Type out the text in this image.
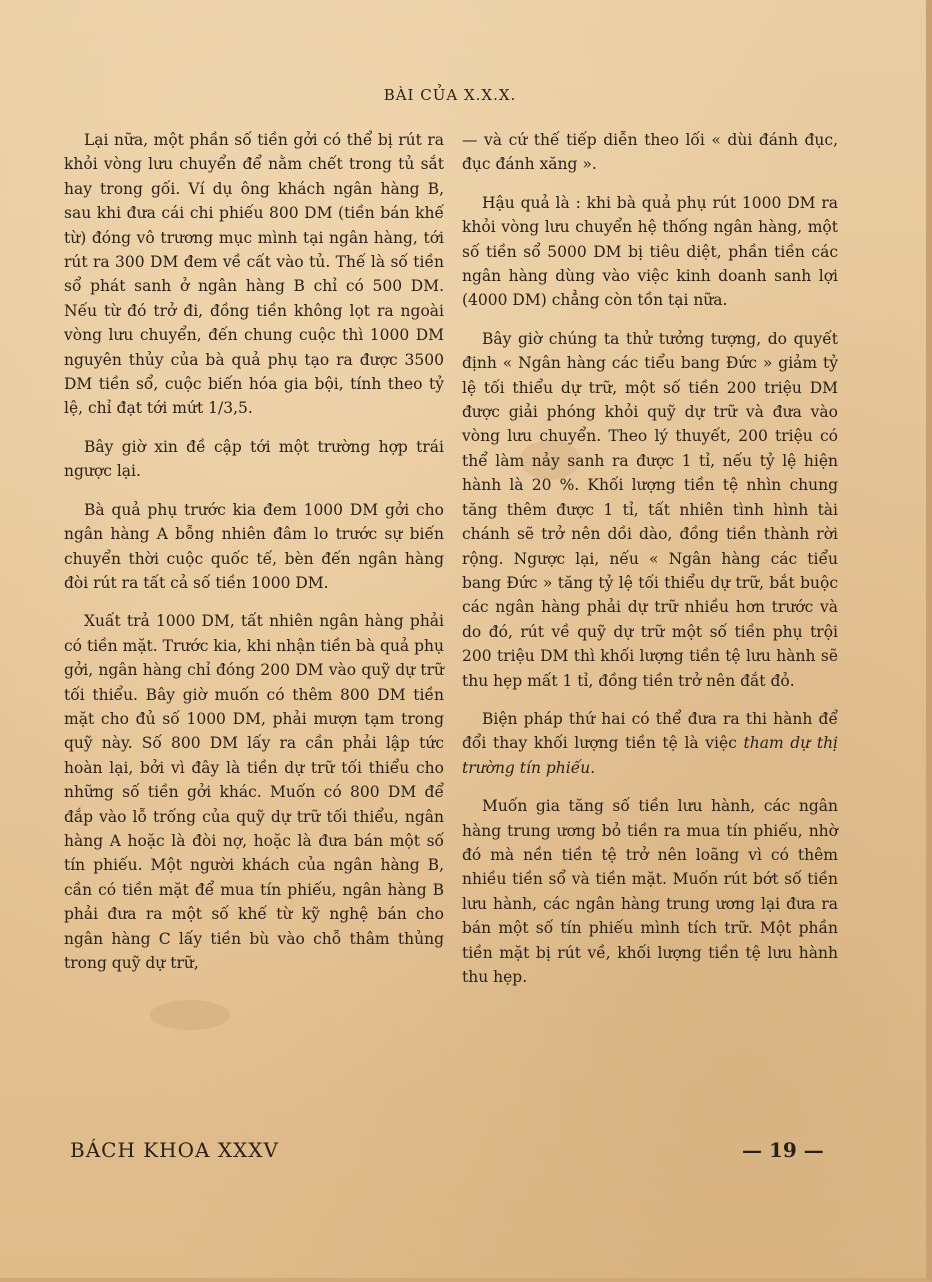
BÀI CỦA X.X.X.

Lại nữa, một phần số tiền gởi có thể bị rút ra khỏi vòng lưu chuyển để nằm chết trong tủ sắt hay trong gối. Ví dụ ông khách ngân hàng B, sau khi đưa cái chi phiếu 800 DM (tiền bán khế từ) đóng vô trương mục mình tại ngân hàng, tới rút ra 300 DM đem về cất vào tủ. Thế là số tiền sổ phát sanh ở ngân hàng B chỉ có 500 DM. Nếu từ đó trở đi, đồng tiền không lọt ra ngoài vòng lưu chuyển, đến chung cuộc thì 1000 DM nguyên thủy của bà quả phụ tạo ra được 3500 DM tiền sổ, cuộc biến hóa gia bội, tính theo tỷ lệ, chỉ đạt tới mứt 1/3,5.

Bây giờ xin đề cập tới một trường hợp trái ngược lại.

Bà quả phụ trước kia đem 1000 DM gởi cho ngân hàng A bỗng nhiên đâm lo trước sự biến chuyển thời cuộc quốc tế, bèn đến ngân hàng đòi rút ra tất cả số tiền 1000 DM.

Xuất trả 1000 DM, tất nhiên ngân hàng phải có tiền mặt. Trước kia, khi nhận tiền bà quả phụ gởi, ngân hàng chỉ đóng 200 DM vào quỹ dự trữ tối thiểu. Bây giờ muốn có thêm 800 DM tiền mặt cho đủ số 1000 DM, phải mượn tạm trong quỹ này. Số 800 DM lấy ra cần phải lập tức hoàn lại, bởi vì đây là tiền dự trữ tối thiểu cho những số tiền gởi khác. Muốn có 800 DM để đắp vào lỗ trống của quỹ dự trữ tối thiểu, ngân hàng A hoặc là đòi nợ, hoặc là đưa bán một số tín phiếu. Một người khách của ngân hàng B, cần có tiền mặt để mua tín phiếu, ngân hàng B phải đưa ra một số khế từ kỹ nghệ bán cho ngân hàng C lấy tiền bù vào chỗ thâm thủng trong quỹ dự trữ,

— và cứ thế tiếp diễn theo lối « dùi đánh đục, đục đánh xăng ».

Hậu quả là : khi bà quả phụ rút 1000 DM ra khỏi vòng lưu chuyển hệ thống ngân hàng, một số tiền sổ 5000 DM bị tiêu diệt, phần tiền các ngân hàng dùng vào việc kinh doanh sanh lợi (4000 DM) chẳng còn tồn tại nữa.

Bây giờ chúng ta thử tưởng tượng, do quyết định « Ngân hàng các tiểu bang Đức » giảm tỷ lệ tối thiểu dự trữ, một số tiền 200 triệu DM được giải phóng khỏi quỹ dự trữ và đưa vào vòng lưu chuyển. Theo lý thuyết, 200 triệu có thể làm nảy sanh ra được 1 tỉ, nếu tỷ lệ hiện hành là 20 %. Khối lượng tiền tệ nhìn chung tăng thêm được 1 tỉ, tất nhiên tình hình tài chánh sẽ trở nên dồi dào, đồng tiền thành rời rộng. Ngược lại, nếu « Ngân hàng các tiểu bang Đức » tăng tỷ lệ tối thiểu dự trữ, bắt buộc các ngân hàng phải dự trữ nhiều hơn trước và do đó, rút về quỹ dự trữ một số tiền phụ trội 200 triệu DM thì khối lượng tiền tệ lưu hành sẽ thu hẹp mất 1 tỉ, đồng tiền trở nên đắt đỏ.

Biện pháp thứ hai có thể đưa ra thi hành để đổi thay khối lượng tiền tệ là việc tham dự thị trường tín phiếu.

Muốn gia tăng số tiền lưu hành, các ngân hàng trung ương bỏ tiền ra mua tín phiếu, nhờ đó mà nền tiền tệ trở nên loãng vì có thêm nhiều tiền sổ và tiền mặt. Muốn rút bớt số tiền lưu hành, các ngân hàng trung ương lại đưa ra bán một số tín phiếu mình tích trữ. Một phần tiền mặt bị rút về, khối lượng tiền tệ lưu hành thu hẹp.

BÁCH KHOA XXXV	— 19 —
